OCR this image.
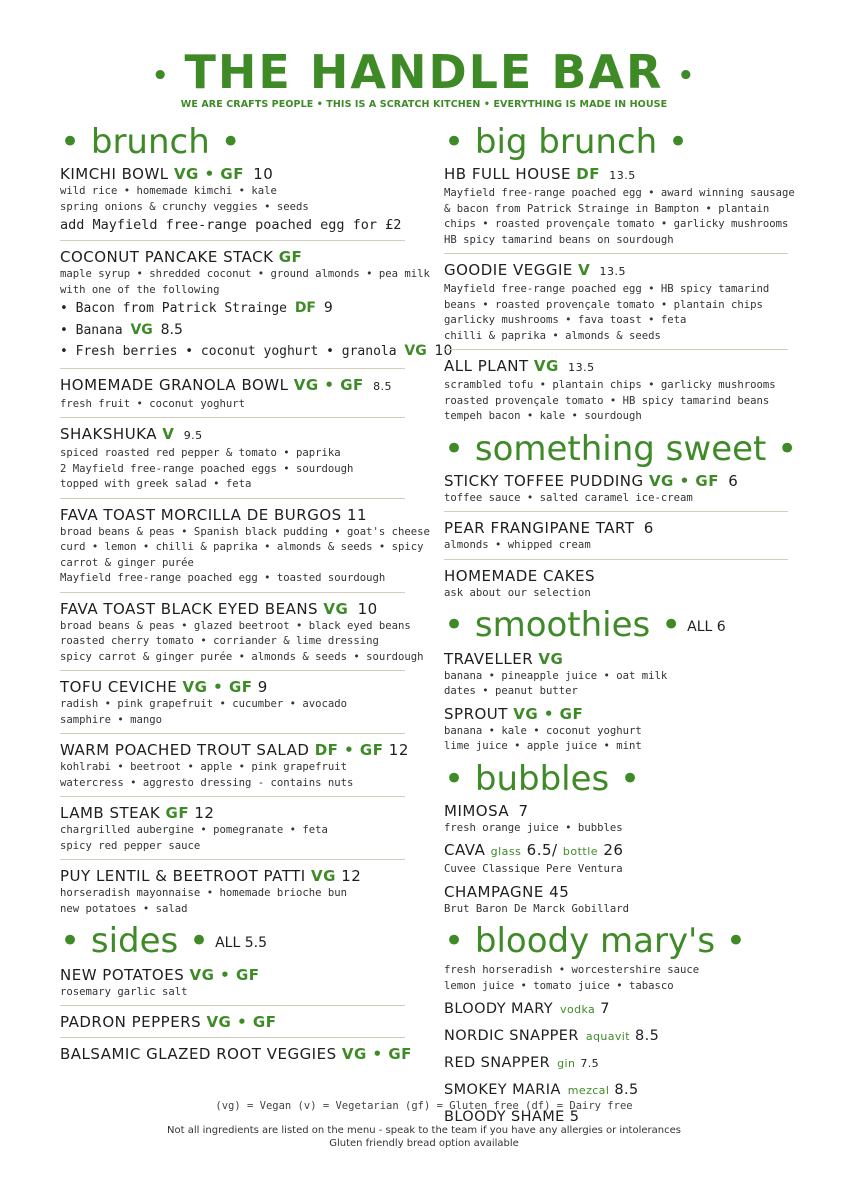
• THE HANDLE BAR •
WE ARE CRAFTS PEOPLE • THIS IS A SCRATCH KITCHEN • EVERYTHING IS MADE IN HOUSE
• brunch •
KIMCHI BOWL VG • GF 10
wild rice • homemade kimchi • kale
spring onions & crunchy veggies • seeds
add Mayfield free-range poached egg for £2
COCONUT PANCAKE STACK GF
maple syrup • shredded coconut • ground almonds • pea milk
with one of the following
• Bacon from Patrick Strainge DF 9
• Banana VG 8.5
• Fresh berries • coconut yoghurt • granola VG 10
HOMEMADE GRANOLA BOWL VG • GF 8.5
fresh fruit • coconut yoghurt
SHAKSHUKA V 9.5
spiced roasted red pepper & tomato • paprika
2 Mayfield free-range poached eggs • sourdough
topped with greek salad • feta
FAVA TOAST MORCILLA DE BURGOS 11
broad beans & peas • Spanish black pudding • goat's cheese
curd • lemon • chilli & paprika • almonds & seeds • spicy
carrot & ginger purée
Mayfield free-range poached egg • toasted sourdough
FAVA TOAST BLACK EYED BEANS VG 10
broad beans & peas • glazed beetroot • black eyed beans
roasted cherry tomato • corriander & lime dressing
spicy carrot & ginger purée • almonds & seeds • sourdough
TOFU CEVICHE VG • GF 9
radish • pink grapefruit • cucumber • avocado
samphire • mango
WARM POACHED TROUT SALAD DF • GF 12
kohlrabi • beetroot • apple • pink grapefruit
watercress • aggresto dressing - contains nuts
LAMB STEAK GF 12
chargrilled aubergine • pomegranate • feta
spicy red pepper sauce
PUY LENTIL & BEETROOT PATTI VG 12
horseradish mayonnaise • homemade brioche bun
new potatoes • salad
• sides • ALL 5.5
NEW POTATOES VG • GF
rosemary garlic salt
PADRON PEPPERS VG • GF
BALSAMIC GLAZED ROOT VEGGIES VG • GF
• big brunch •
HB FULL HOUSE DF 13.5
Mayfield free-range poached egg • award winning sausage
& bacon from Patrick Strainge in Bampton • plantain
chips • roasted provençale tomato • garlicky mushrooms
HB spicy tamarind beans on sourdough
GOODIE VEGGIE V 13.5
Mayfield free-range poached egg • HB spicy tamarind
beans • roasted provençale tomato • plantain chips
garlicky mushrooms • fava toast • feta
chilli & paprika • almonds & seeds
ALL PLANT VG 13.5
scrambled tofu • plantain chips • garlicky mushrooms
roasted provençale tomato • HB spicy tamarind beans
tempeh bacon • kale • sourdough
• something sweet •
STICKY TOFFEE PUDDING VG • GF 6
toffee sauce • salted caramel ice-cream
PEAR FRANGIPANE TART 6
almonds • whipped cream
HOMEMADE CAKES
ask about our selection
• smoothies • ALL 6
TRAVELLER VG
banana • pineapple juice • oat milk
dates • peanut butter
SPROUT VG • GF
banana • kale • coconut yoghurt
lime juice • apple juice • mint
• bubbles •
MIMOSA 7
fresh orange juice • bubbles
CAVA glass 6.5/ bottle 26
Cuvee Classique Pere Ventura
CHAMPAGNE 45
Brut Baron De Marck Gobillard
• bloody mary's •
fresh horseradish • worcestershire sauce
lemon juice • tomato juice • tabasco
BLOODY MARY vodka 7
NORDIC SNAPPER aquavit 8.5
RED SNAPPER gin 7.5
SMOKEY MARIA mezcal 8.5
BLOODY SHAME 5
(vg) = Vegan (v) = Vegetarian (gf) = Gluten free (df) = Dairy free
Not all ingredients are listed on the menu - speak to the team if you have any allergies or intolerances
Gluten friendly bread option available
